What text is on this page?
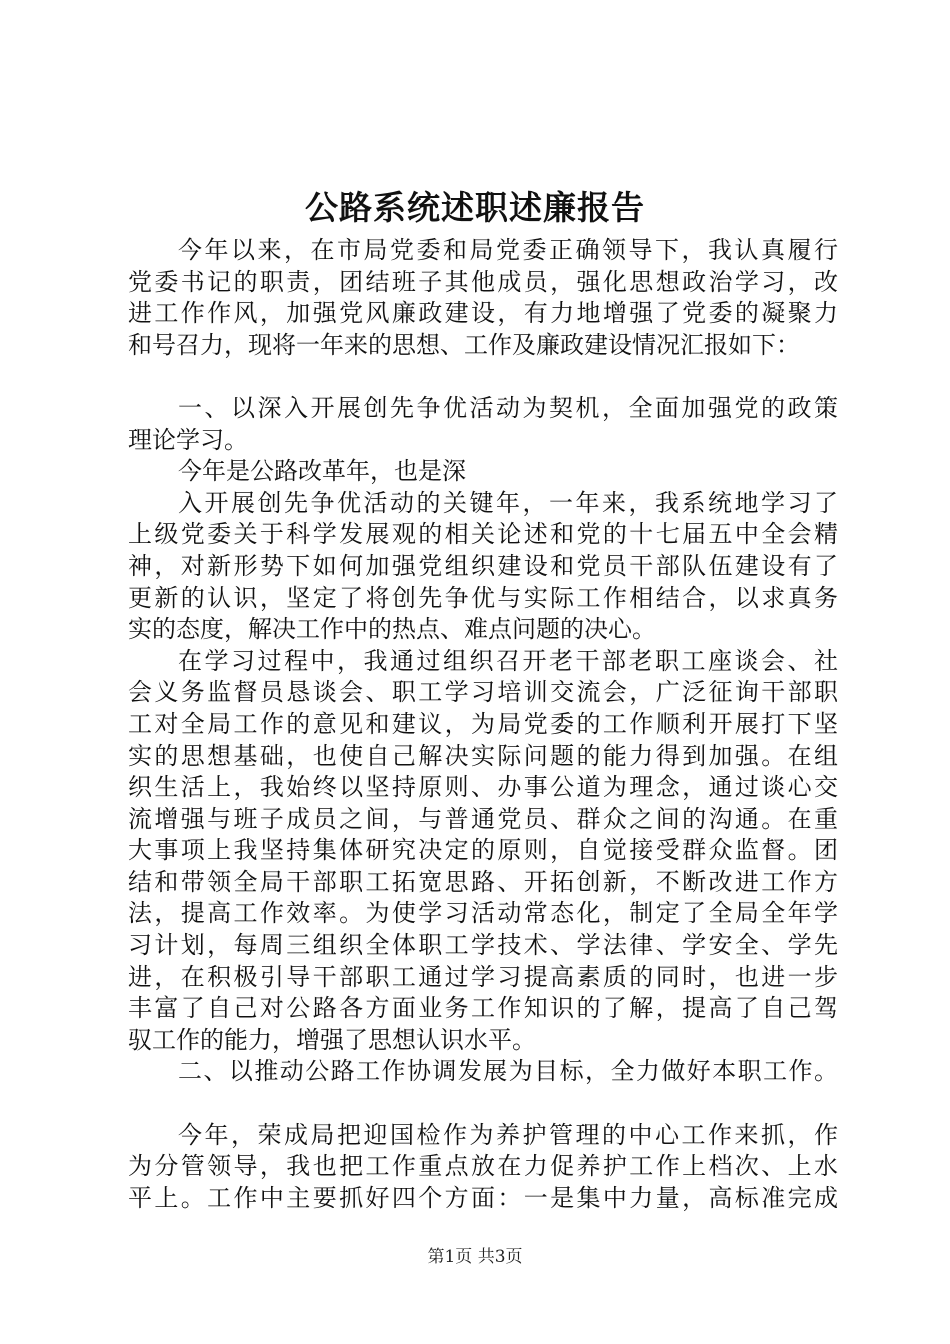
公路系统述职述廉报告
今年以来，在市局党委和局党委正确领导下，我认真履行
党委书记的职责，团结班子其他成员，强化思想政治学习，改
进工作作风，加强党风廉政建设，有力地增强了党委的凝聚力
和号召力，现将一年来的思想、工作及廉政建设情况汇报如下：

一、以深入开展创先争优活动为契机，全面加强党的政策
理论学习。
今年是公路改革年，也是深
入开展创先争优活动的关键年，一年来，我系统地学习了
上级党委关于科学发展观的相关论述和党的十七届五中全会精
神，对新形势下如何加强党组织建设和党员干部队伍建设有了
更新的认识，坚定了将创先争优与实际工作相结合，以求真务
实的态度，解决工作中的热点、难点问题的决心。
在学习过程中，我通过组织召开老干部老职工座谈会、社
会义务监督员恳谈会、职工学习培训交流会，广泛征询干部职
工对全局工作的意见和建议，为局党委的工作顺利开展打下坚
实的思想基础，也使自己解决实际问题的能力得到加强。在组
织生活上，我始终以坚持原则、办事公道为理念，通过谈心交
流增强与班子成员之间，与普通党员、群众之间的沟通。在重
大事项上我坚持集体研究决定的原则，自觉接受群众监督。团
结和带领全局干部职工拓宽思路、开拓创新，不断改进工作方
法，提高工作效率。为使学习活动常态化，制定了全局全年学
习计划，每周三组织全体职工学技术、学法律、学安全、学先
进，在积极引导干部职工通过学习提高素质的同时，也进一步
丰富了自己对公路各方面业务工作知识的了解，提高了自己驾
驭工作的能力，增强了思想认识水平。
二、以推动公路工作协调发展为目标，全力做好本职工作。

今年，荣成局把迎国检作为养护管理的中心工作来抓，作
为分管领导，我也把工作重点放在力促养护工作上档次、上水
平上。工作中主要抓好四个方面：一是集中力量，高标准完成
第1页 共3页
